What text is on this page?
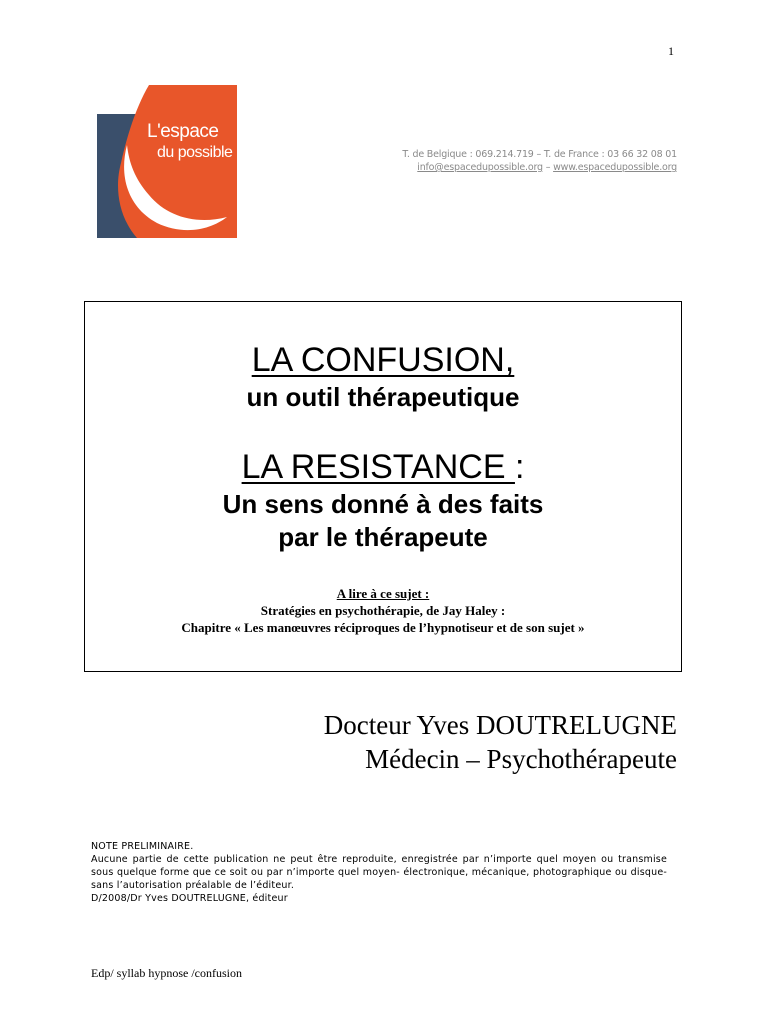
1
L'espace
du possible	T. de Belgique : 069.214.719 – T. de France : 03 66 32 08 01
info@espacedupossible.org – www.espacedupossible.org
LA CONFUSION,
un outil thérapeutique
LA RESISTANCE :
Un sens donné à des faits
par le thérapeute
A lire à ce sujet :
Stratégies en psychothérapie, de Jay Haley :
Chapitre « Les manœuvres réciproques de l’hypnotiseur et de son sujet »
Docteur Yves DOUTRELUGNE
Médecin – Psychothérapeute
NOTE PRELIMINAIRE.
Aucune partie de cette publication ne peut être reproduite, enregistrée par n’importe quel moyen ou transmise sous quelque forme que ce soit ou par n’importe quel moyen- électronique, mécanique, photographique ou disque- sans l’autorisation préalable de l’éditeur.
D/2008/Dr Yves DOUTRELUGNE, éditeur
Edp/ syllab hypnose /confusion
